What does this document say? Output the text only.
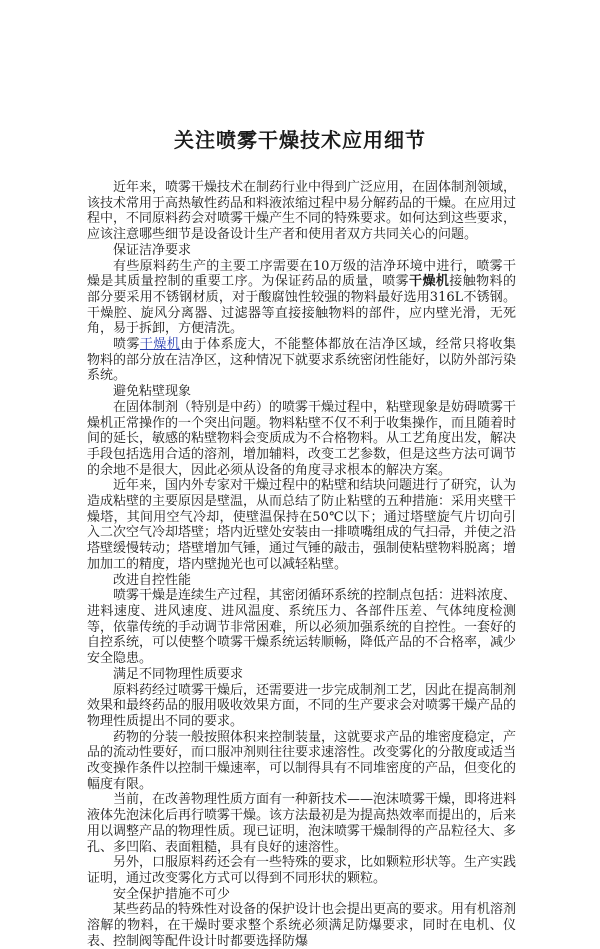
关注喷雾干燥技术应用细节

近年来，喷雾干燥技术在制药行业中得到广泛应用，在固体制剂领域，该技术常用于高热敏性药品和料液浓缩过程中易分解药品的干燥。在应用过程中，不同原料药会对喷雾干燥产生不同的特殊要求。如何达到这些要求，应该注意哪些细节是设备设计生产者和使用者双方共同关心的问题。

保证洁净要求

有些原料药生产的主要工序需要在10万级的洁净环境中进行，喷雾干燥是其质量控制的重要工序。为保证药品的质量，喷雾干燥机接触物料的部分要采用不锈钢材质，对于酸腐蚀性较强的物料最好选用316L不锈钢。干燥腔、旋风分离器、过滤器等直接接触物料的部件，应内壁光滑，无死角，易于拆卸，方便清洗。

喷雾干燥机由于体系庞大，不能整体都放在洁净区域，经常只将收集物料的部分放在洁净区，这种情况下就要求系统密闭性能好，以防外部污染系统。

避免粘壁现象

在固体制剂（特别是中药）的喷雾干燥过程中，粘壁现象是妨碍喷雾干燥机正常操作的一个突出问题。物料粘壁不仅不利于收集操作，而且随着时间的延长，敏感的粘壁物料会变质成为不合格物料。从工艺角度出发，解决手段包括选用合适的溶剂，增加辅料，改变工艺参数，但是这些方法可调节的余地不是很大，因此必须从设备的角度寻求根本的解决方案。

近年来，国内外专家对干燥过程中的粘壁和结块问题进行了研究，认为造成粘壁的主要原因是壁温，从而总结了防止粘壁的五种措施：采用夹壁干燥塔，其间用空气冷却，使壁温保持在50℃以下；通过塔壁旋气片切向引入二次空气冷却塔壁；塔内近壁处安装由一排喷嘴组成的气扫帚，并使之沿塔壁缓慢转动；塔壁增加气锤，通过气锤的敲击，强制使粘壁物料脱离；增加加工的精度，塔内壁抛光也可以减轻粘壁。

改进自控性能

喷雾干燥是连续生产过程，其密闭循环系统的控制点包括：进料浓度、进料速度、进风速度、进风温度、系统压力、各部件压差、气体纯度检测等，依靠传统的手动调节非常困难，所以必须加强系统的自控性。一套好的自控系统，可以使整个喷雾干燥系统运转顺畅，降低产品的不合格率，减少安全隐患。

满足不同物理性质要求

原料药经过喷雾干燥后，还需要进一步完成制剂工艺，因此在提高制剂效果和最终药品的服用吸收效果方面，不同的生产要求会对喷雾干燥产品的物理性质提出不同的要求。

药物的分装一般按照体积来控制装量，这就要求产品的堆密度稳定，产品的流动性要好，而口服冲剂则往往要求速溶性。改变雾化的分散度或适当改变操作条件以控制干燥速率，可以制得具有不同堆密度的产品，但变化的幅度有限。

当前，在改善物理性质方面有一种新技术——泡沫喷雾干燥，即将进料液体先泡沫化后再行喷雾干燥。该方法最初是为提高热效率而提出的，后来用以调整产品的物理性质。现已证明，泡沫喷雾干燥制得的产品粒径大、多孔、多凹陷、表面粗糙，具有良好的速溶性。

另外，口服原料药还会有一些特殊的要求，比如颗粒形状等。生产实践证明，通过改变雾化方式可以得到不同形状的颗粒。

安全保护措施不可少

某些药品的特殊性对设备的保护设计也会提出更高的要求。用有机溶剂溶解的物料，在干燥时要求整个系统必须满足防爆要求，同时在电机、仪表、控制阀等配件设计时都要选择防爆
